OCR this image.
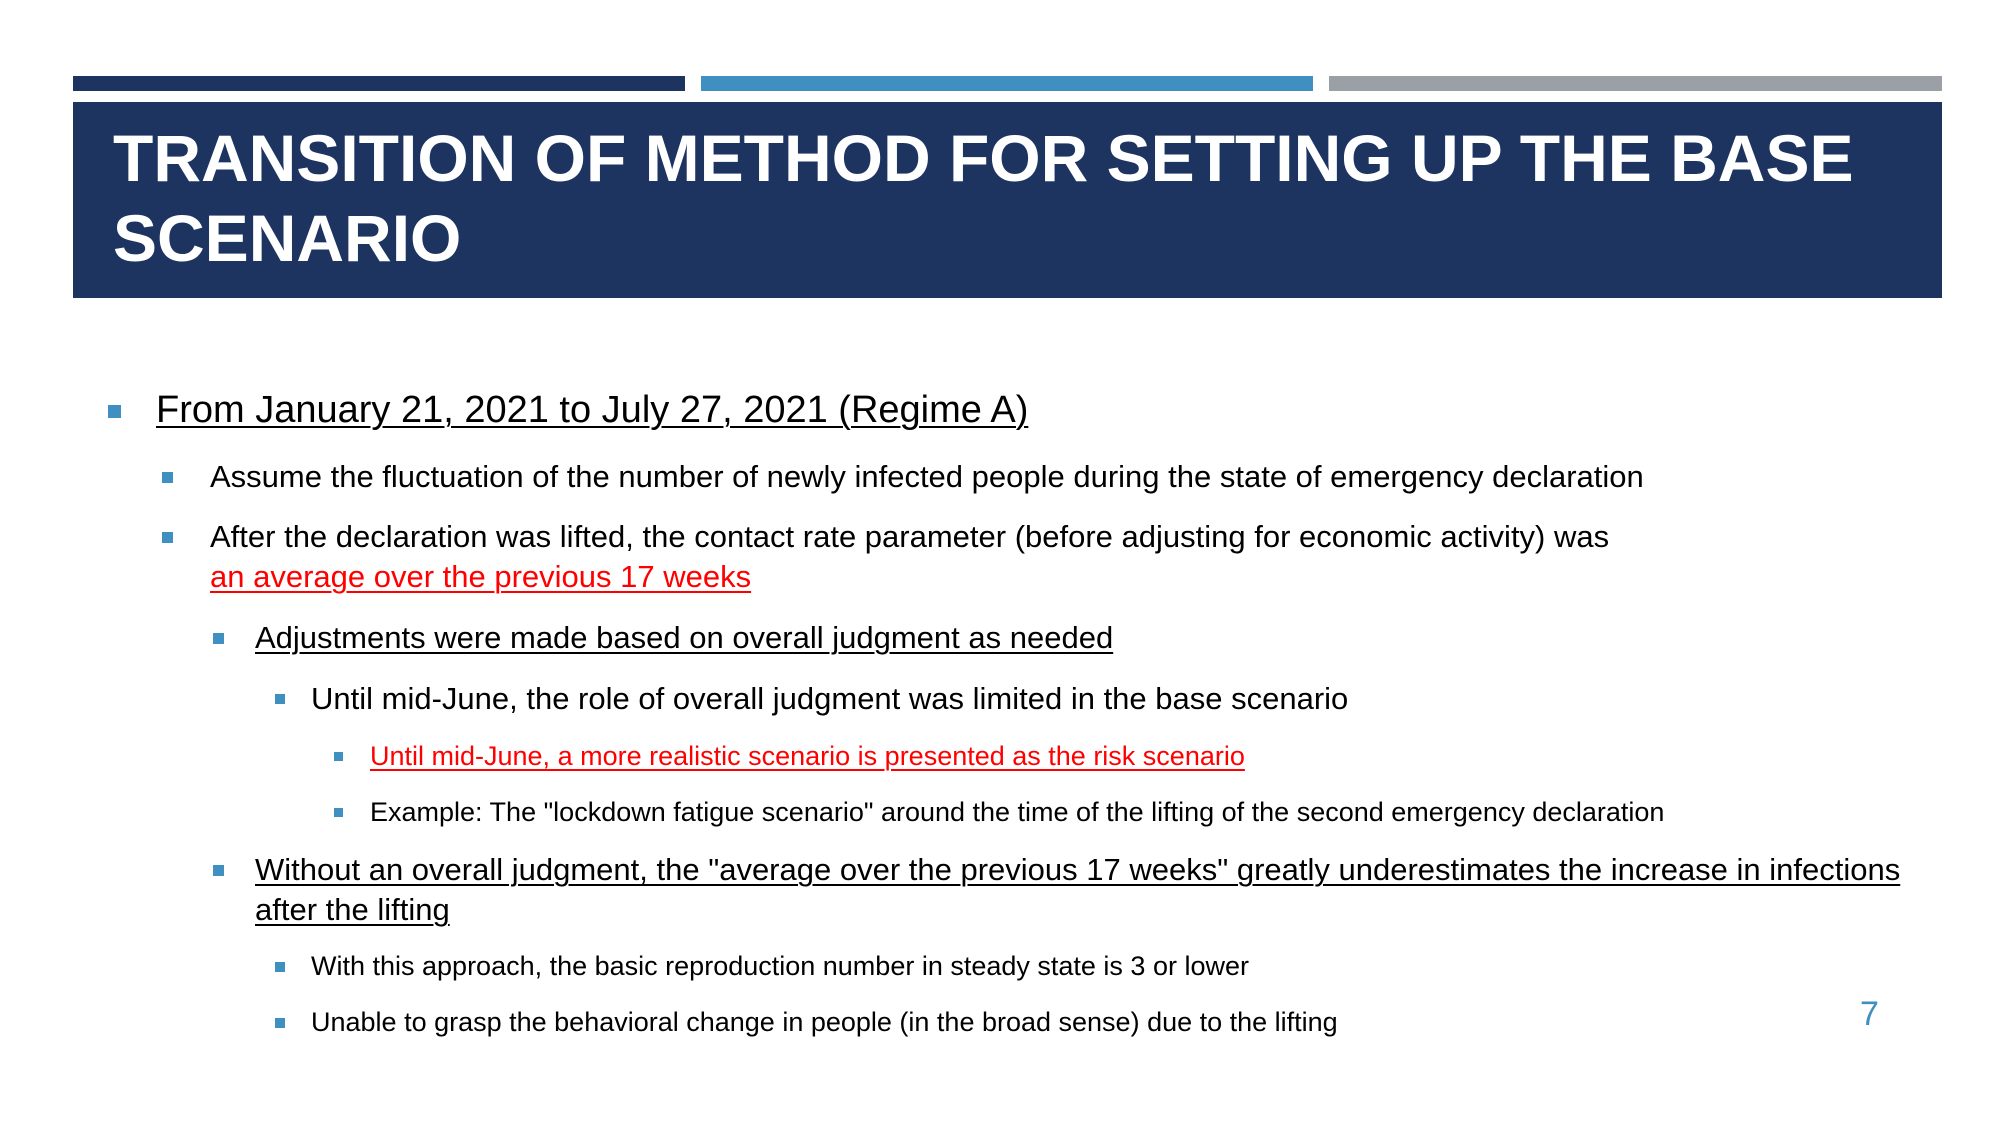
TRANSITION OF METHOD FOR SETTING UP THE BASE SCENARIO
From January 21, 2021 to July 27, 2021 (Regime A)
Assume the fluctuation of the number of newly infected people during the state of emergency declaration
After the declaration was lifted, the contact rate parameter (before adjusting for economic activity) was
an average over the previous 17 weeks
Adjustments were made based on overall judgment as needed
Until mid-June, the role of overall judgment was limited in the base scenario
Until mid-June, a more realistic scenario is presented as the risk scenario
Example: The "lockdown fatigue scenario" around the time of the lifting of the second emergency declaration
Without an overall judgment, the "average over the previous 17 weeks" greatly underestimates the increase in infections after the lifting
With this approach, the basic reproduction number in steady state is 3 or lower
Unable to grasp the behavioral change in people (in the broad sense) due to the lifting	7
